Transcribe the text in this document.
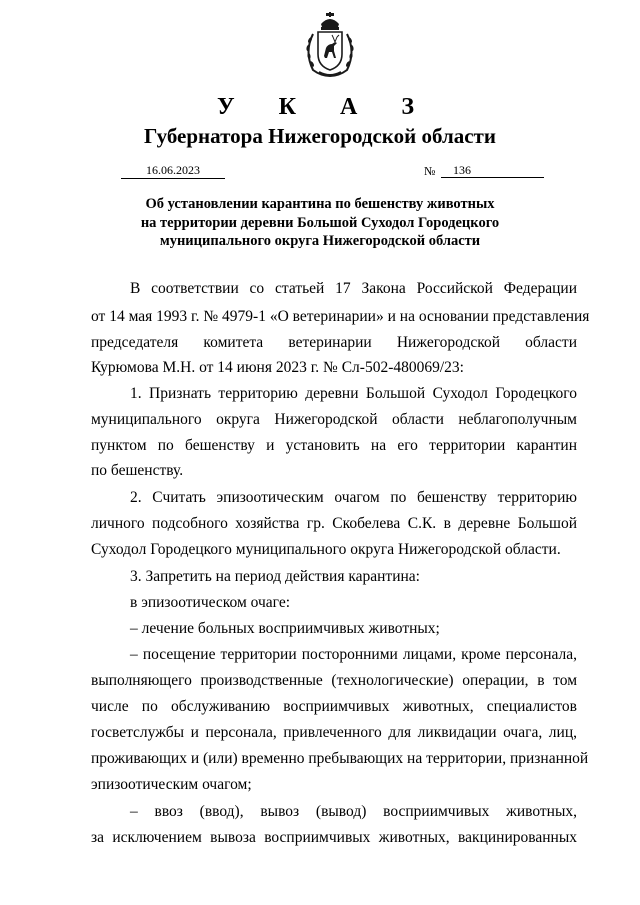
У К А З
Губернатора Нижегородской области
16.06.2023	№	136
Об установлении карантина по бешенству животных
на территории деревни Большой Суходол Городецкого
муниципального округа Нижегородской области
В соответствии со статьей 17 Закона Российской Федерации
от 14 мая 1993 г. № 4979-1 «О ветеринарии» и на основании представления
председателя комитета ветеринарии Нижегородской области
Курюмова М.Н. от 14 июня 2023 г. № Сл-502-480069/23:
1. Признать территорию деревни Большой Суходол Городецкого
муниципального округа Нижегородской области неблагополучным
пунктом по бешенству и установить на его территории карантин
по бешенству.
2. Считать эпизоотическим очагом по бешенству территорию
личного подсобного хозяйства гр. Скобелева С.К. в деревне Большой
Суходол Городецкого муниципального округа Нижегородской области.
3. Запретить на период действия карантина:
в эпизоотическом очаге:
– лечение больных восприимчивых животных;
– посещение территории посторонними лицами, кроме персонала,
выполняющего производственные (технологические) операции, в том
числе по обслуживанию восприимчивых животных, специалистов
госветслужбы и персонала, привлеченного для ликвидации очага, лиц,
проживающих и (или) временно пребывающих на территории, признанной
эпизоотическим очагом;
– ввоз (ввод), вывоз (вывод) восприимчивых животных,
за исключением вывоза восприимчивых животных, вакцинированных
